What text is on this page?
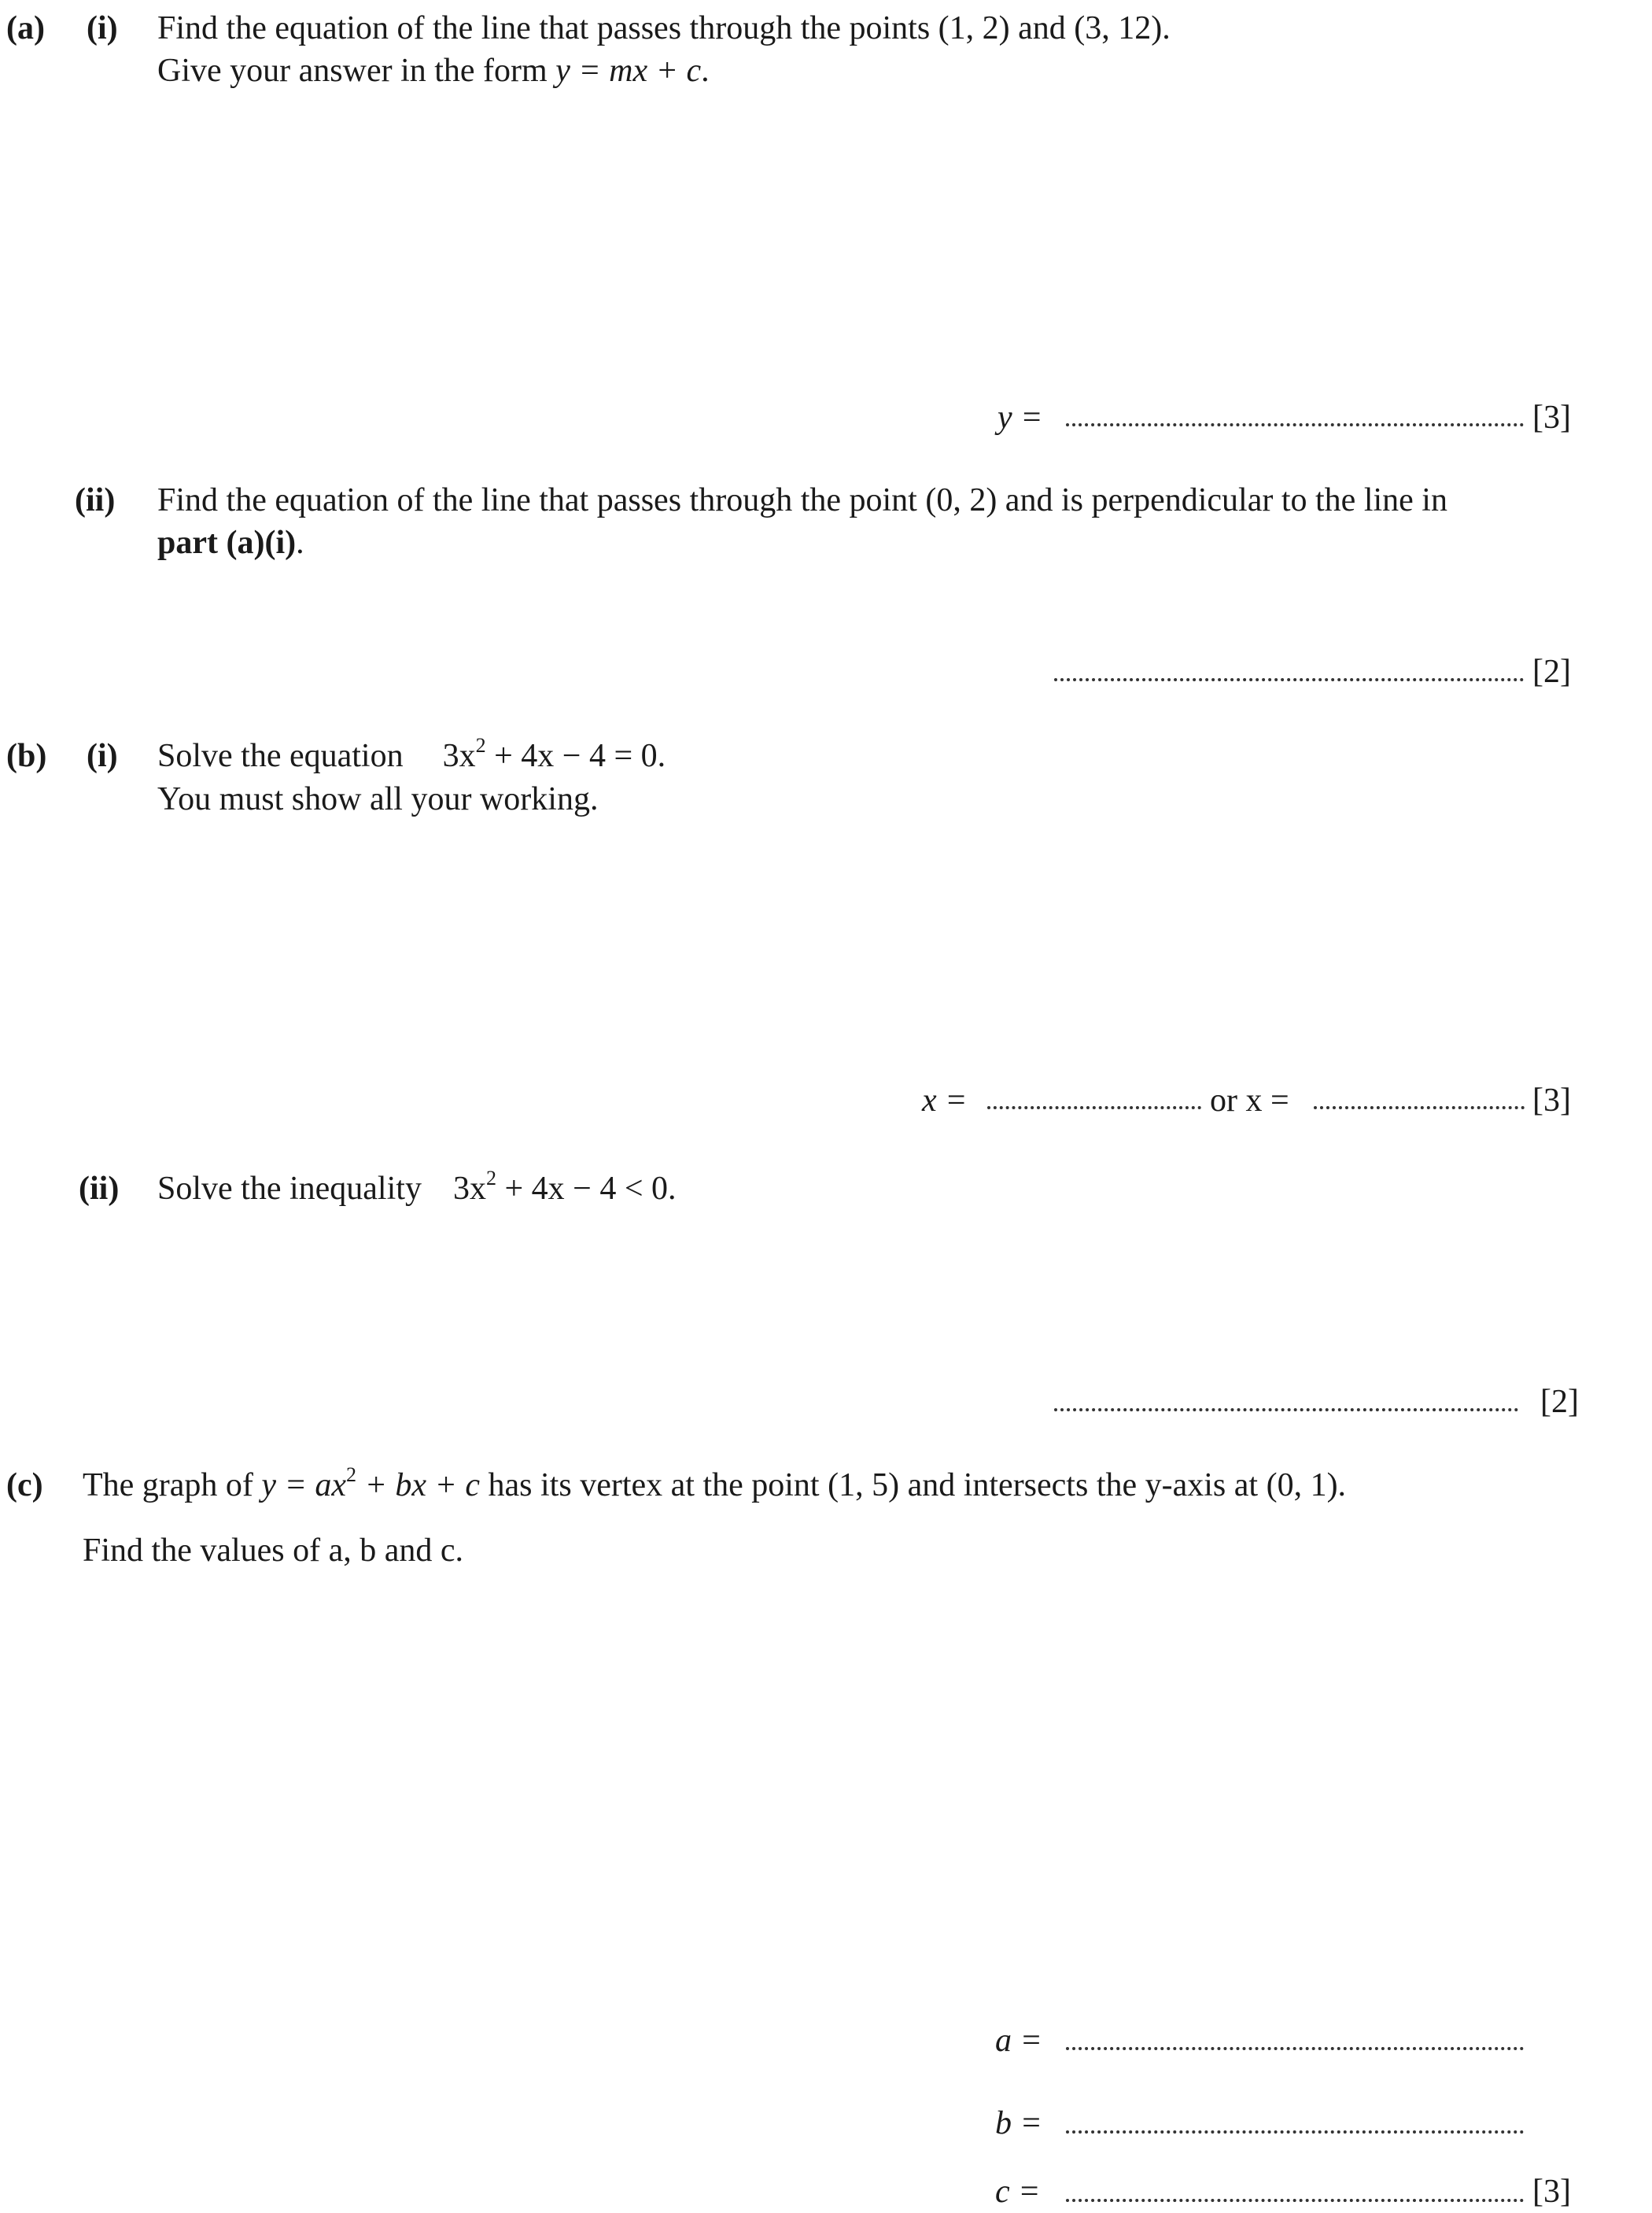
(a) (i) Find the equation of the line that passes through the points (1, 2) and (3, 12).
Give your answer in the form y = mx + c.
y =	[3]
(ii) Find the equation of the line that passes through the point (0, 2) and is perpendicular to the line in
part (a)(i).
[2]
(b) (i) Solve the equation $3x^2 + 4x - 4 = 0$.
You must show all your working.
x =	or x =	[3]
(ii) Solve the inequality $3x^2 + 4x - 4 < 0$.
[2]
(c) The graph of $y = ax^2$ + bx + c has its vertex at the point (1, 5) and intersects the y-axis at (0, 1).
Find the values of a, b and c.
a =
b =
c =	[3]
